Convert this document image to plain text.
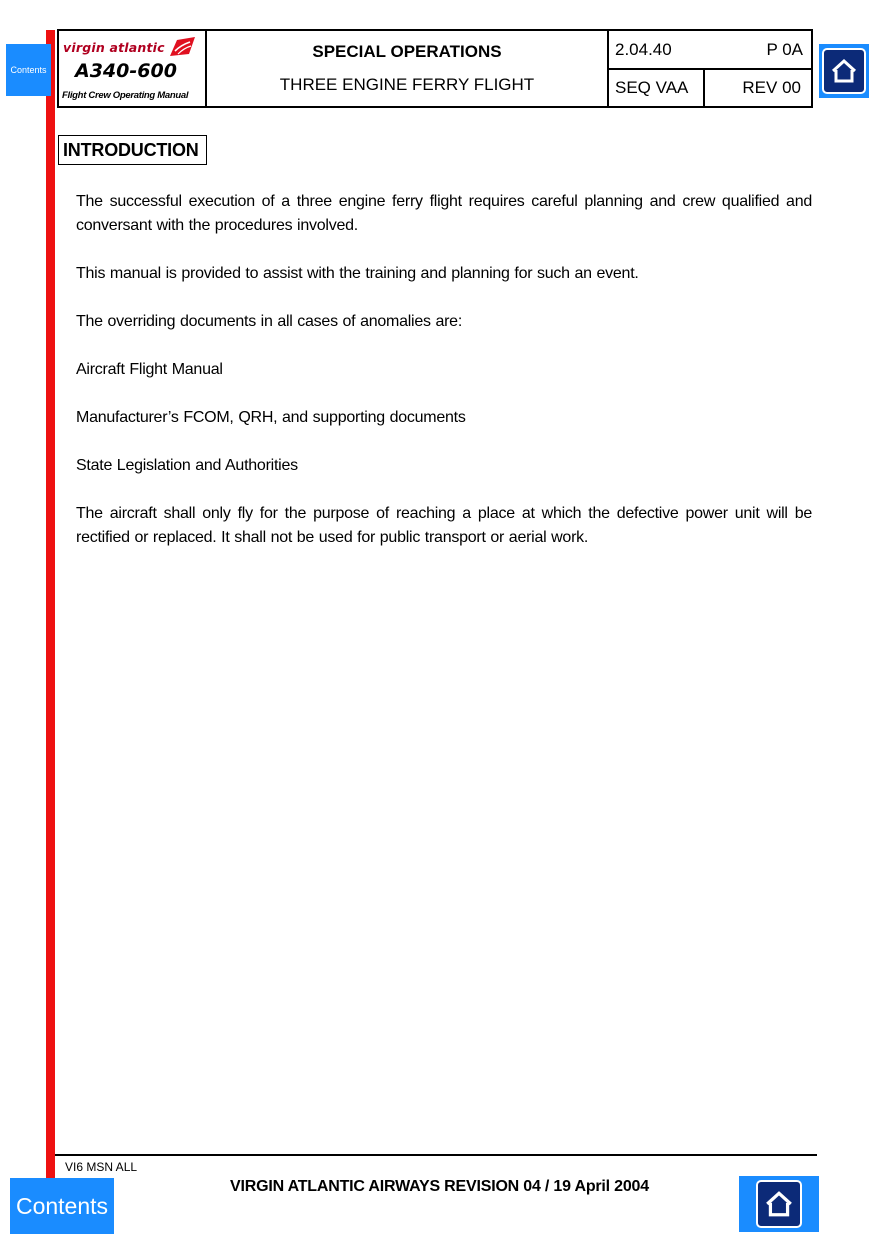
Contents
virgin atlantic
A340-600
Flight Crew Operating Manual

SPECIAL OPERATIONS
THREE ENGINE FERRY FLIGHT

2.04.40	P 0A
SEQ VAA	REV 00

INTRODUCTION

The successful execution of a three engine ferry flight requires careful planning and crew qualified and conversant with the procedures involved.

This manual is provided to assist with the training and planning for such an event.

The overriding documents in all cases of anomalies are:

Aircraft Flight Manual

Manufacturer’s FCOM, QRH, and supporting documents

State Legislation and Authorities

The aircraft shall only fly for the purpose of reaching a place at which the defective power unit will be rectified or replaced. It shall not be used for public transport or aerial work.

VI6 MSN ALL
VIRGIN ATLANTIC AIRWAYS REVISION 04 / 19 April 2004
Contents
